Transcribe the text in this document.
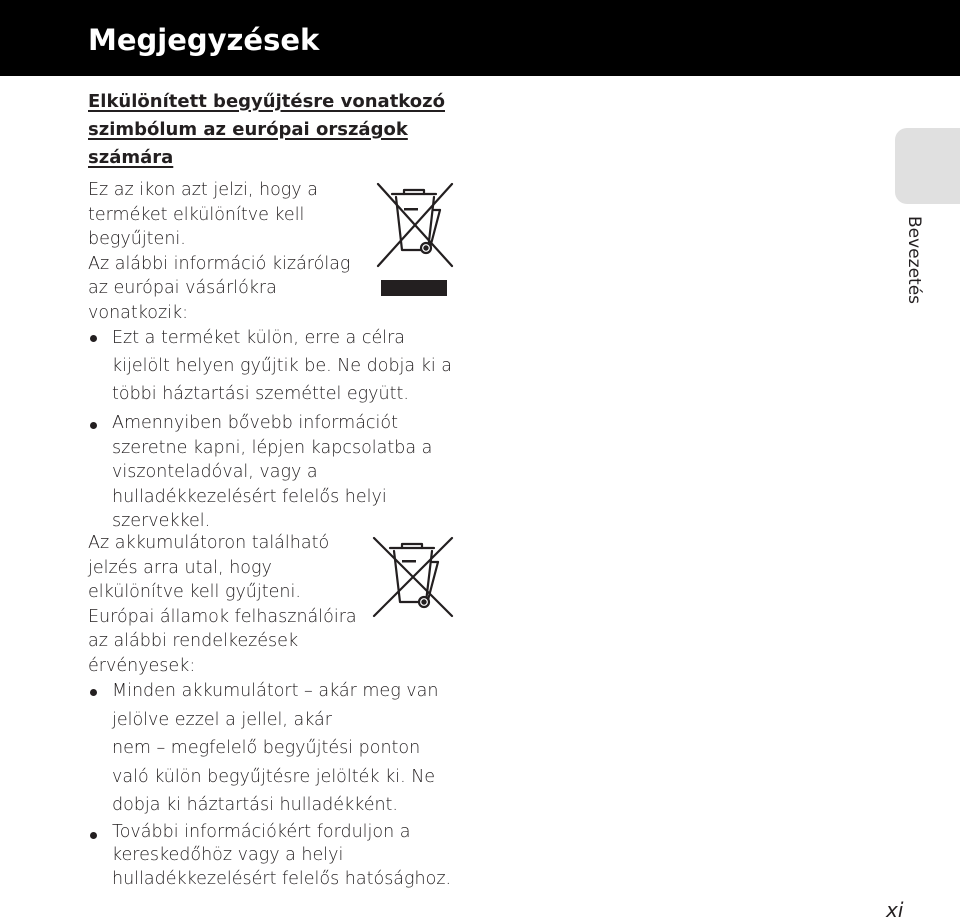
Megjegyzések
Elkülönített begyűjtésre vonatkozó
szimbólum az európai országok
számára
Ez az ikon azt jelzi, hogy a
terméket elkülönítve kell
begyűjteni.
Az alábbi információ kizárólag
az európai vásárlókra
vonatkozik:
Ezt a terméket külön, erre a célra
kijelölt helyen gyűjtik be. Ne dobja ki a
többi háztartási szeméttel együtt.
Amennyiben bővebb információt
szeretne kapni, lépjen kapcsolatba a
viszonteladóval, vagy a
hulladékkezelésért felelős helyi
szervekkel.
Az akkumulátoron található
jelzés arra utal, hogy
elkülönítve kell gyűjteni.
Európai államok felhasználóira
az alábbi rendelkezések
érvényesek:
Minden akkumulátort – akár meg van
jelölve ezzel a jellel, akár
nem – megfelelő begyűjtési ponton
való külön begyűjtésre jelölték ki. Ne
dobja ki háztartási hulladékként.
További információkért forduljon a
kereskedőhöz vagy a helyi
hulladékkezelésért felelős hatósághoz.
Bevezetés
xi
